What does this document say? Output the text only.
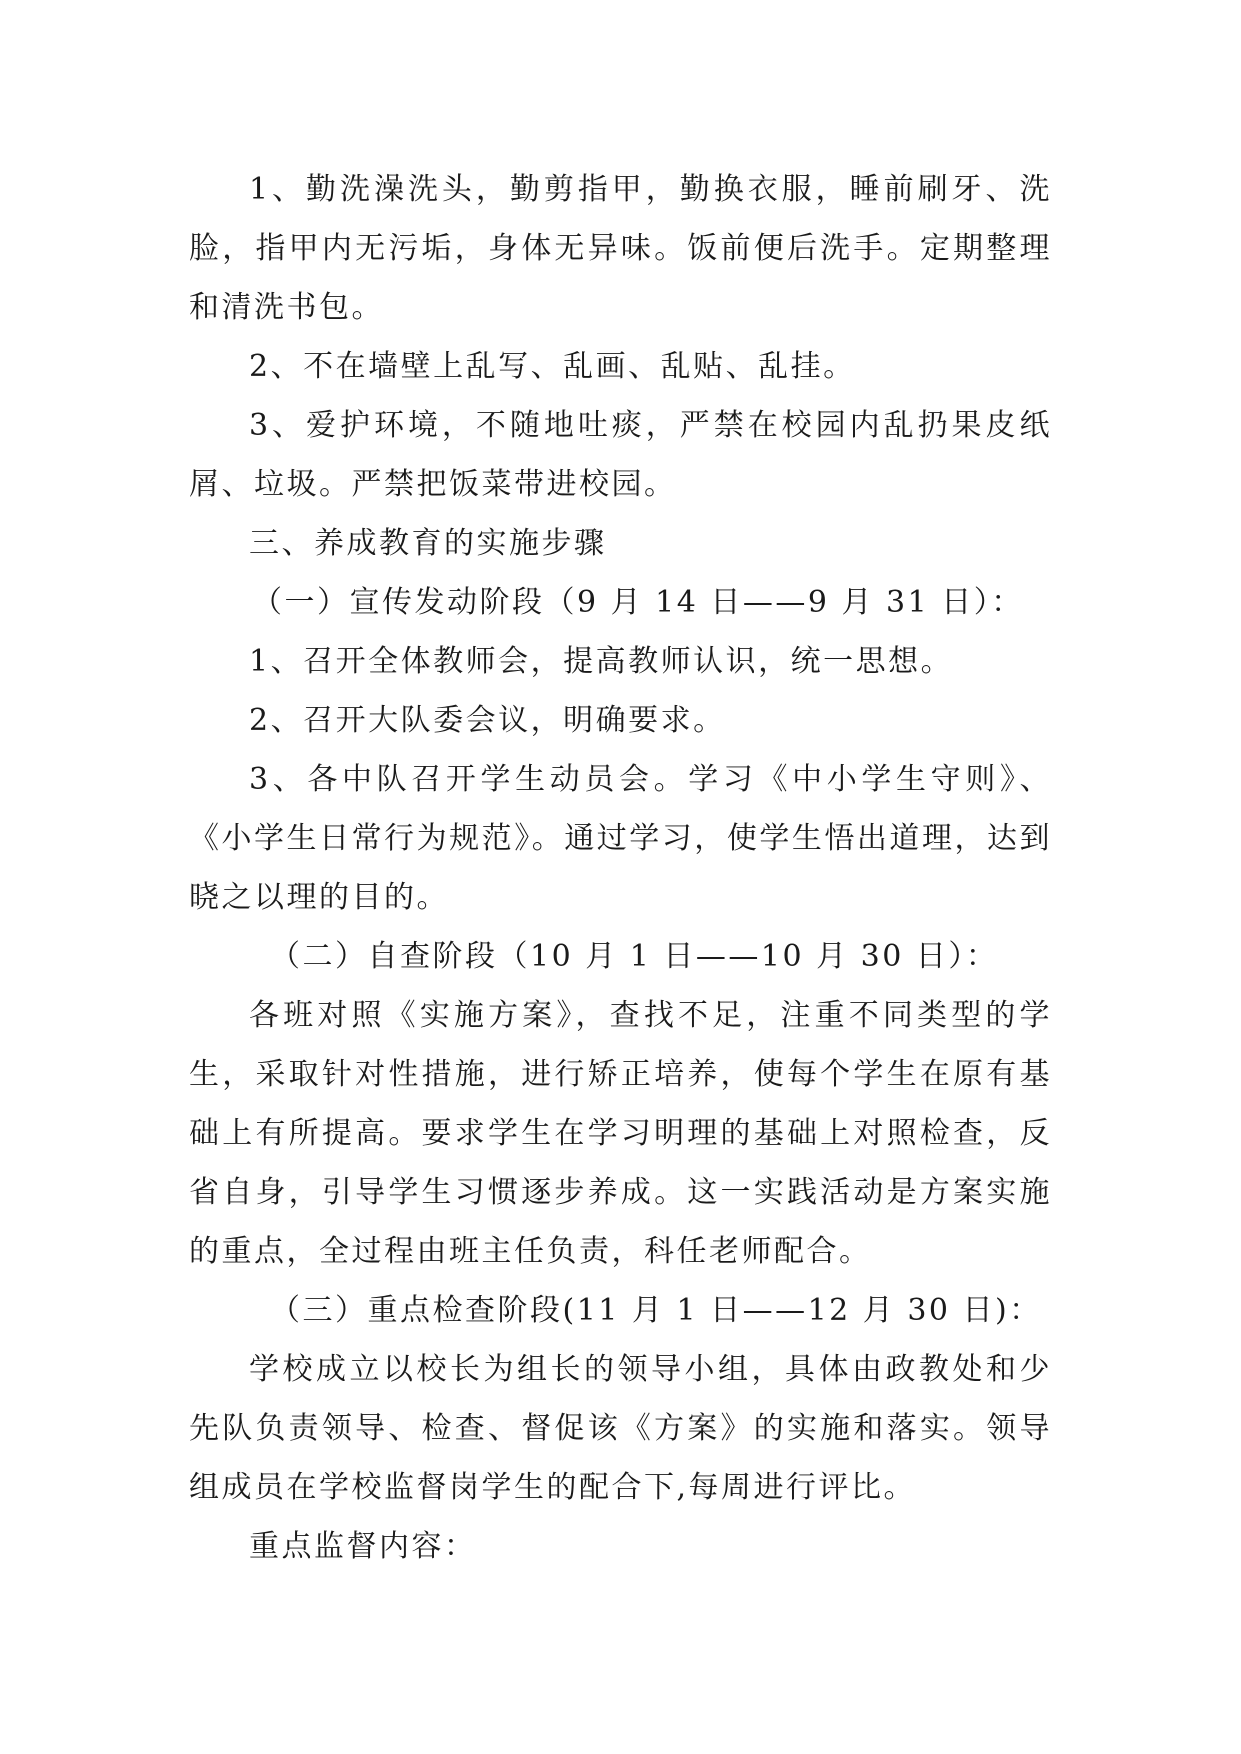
1、勤洗澡洗头，勤剪指甲，勤换衣服，睡前刷牙、洗脸，指甲内无污垢，身体无异味。饭前便后洗手。定期整理和清洗书包。

2、不在墙壁上乱写、乱画、乱贴、乱挂。

3、爱护环境，不随地吐痰，严禁在校园内乱扔果皮纸屑、垃圾。严禁把饭菜带进校园。

三、养成教育的实施步骤

（一）宣传发动阶段（9 月 14 日——9 月 31 日）：

1、召开全体教师会，提高教师认识，统一思想。

2、召开大队委会议，明确要求。

3、各中队召开学生动员会。学习《中小学生守则》、《小学生日常行为规范》。通过学习，使学生悟出道理，达到晓之以理的目的。

（二）自查阶段（10 月 1 日——10 月 30 日）：

各班对照《实施方案》，查找不足，注重不同类型的学生，采取针对性措施，进行矫正培养，使每个学生在原有基础上有所提高。要求学生在学习明理的基础上对照检查，反省自身，引导学生习惯逐步养成。这一实践活动是方案实施的重点，全过程由班主任负责，科任老师配合。

（三）重点检查阶段(11 月 1 日——12 月 30 日)：

学校成立以校长为组长的领导小组，具体由政教处和少先队负责领导、检查、督促该《方案》的实施和落实。领导组成员在学校监督岗学生的配合下,每周进行评比。

重点监督内容：
